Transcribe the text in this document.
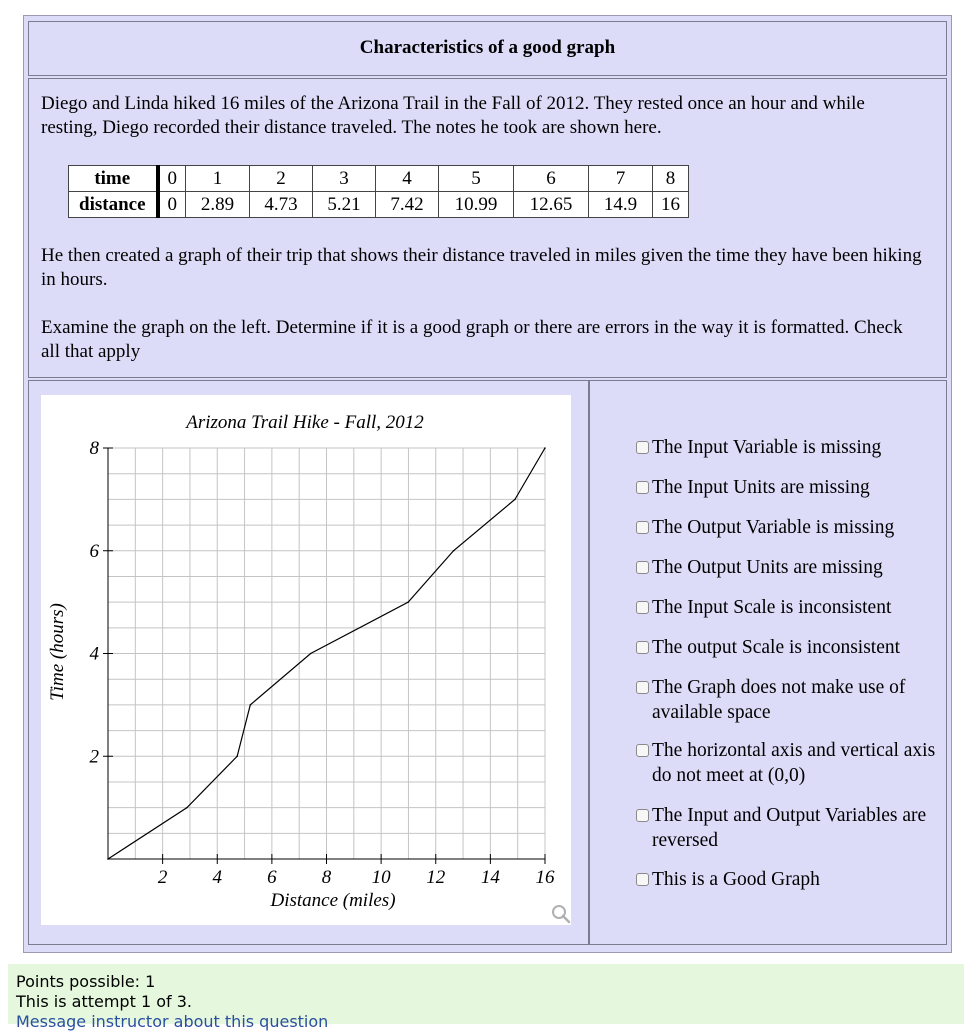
Characteristics of a good graph

Diego and Linda hiked 16 miles of the Arizona Trail in the Fall of 2012. They rested once an hour and while resting, Diego recorded their distance traveled. The notes he took are shown here.

time	0	1	2	3	4	5	6	7	8
distance	0	2.89	4.73	5.21	7.42	10.99	12.65	14.9	16

He then created a graph of their trip that shows their distance traveled in miles given the time they have been hiking in hours.

Examine the graph on the left. Determine if it is a good graph or there are errors in the way it is formatted. Check all that apply

2 4 6 8 10 12 14 16
2
4
6
8
Arizona Trail Hike - Fall, 2012
Distance (miles)
Time (hours)
The Input Variable is missing
The Input Units are missing
The Output Variable is missing
The Output Units are missing
The Input Scale is inconsistent
The output Scale is inconsistent
The Graph does not make use of available space
The horizontal axis and vertical axis do not meet at (0,0)
The Input and Output Variables are reversed
This is a Good Graph
Points possible: 1
This is attempt 1 of 3.
Message instructor about this question
